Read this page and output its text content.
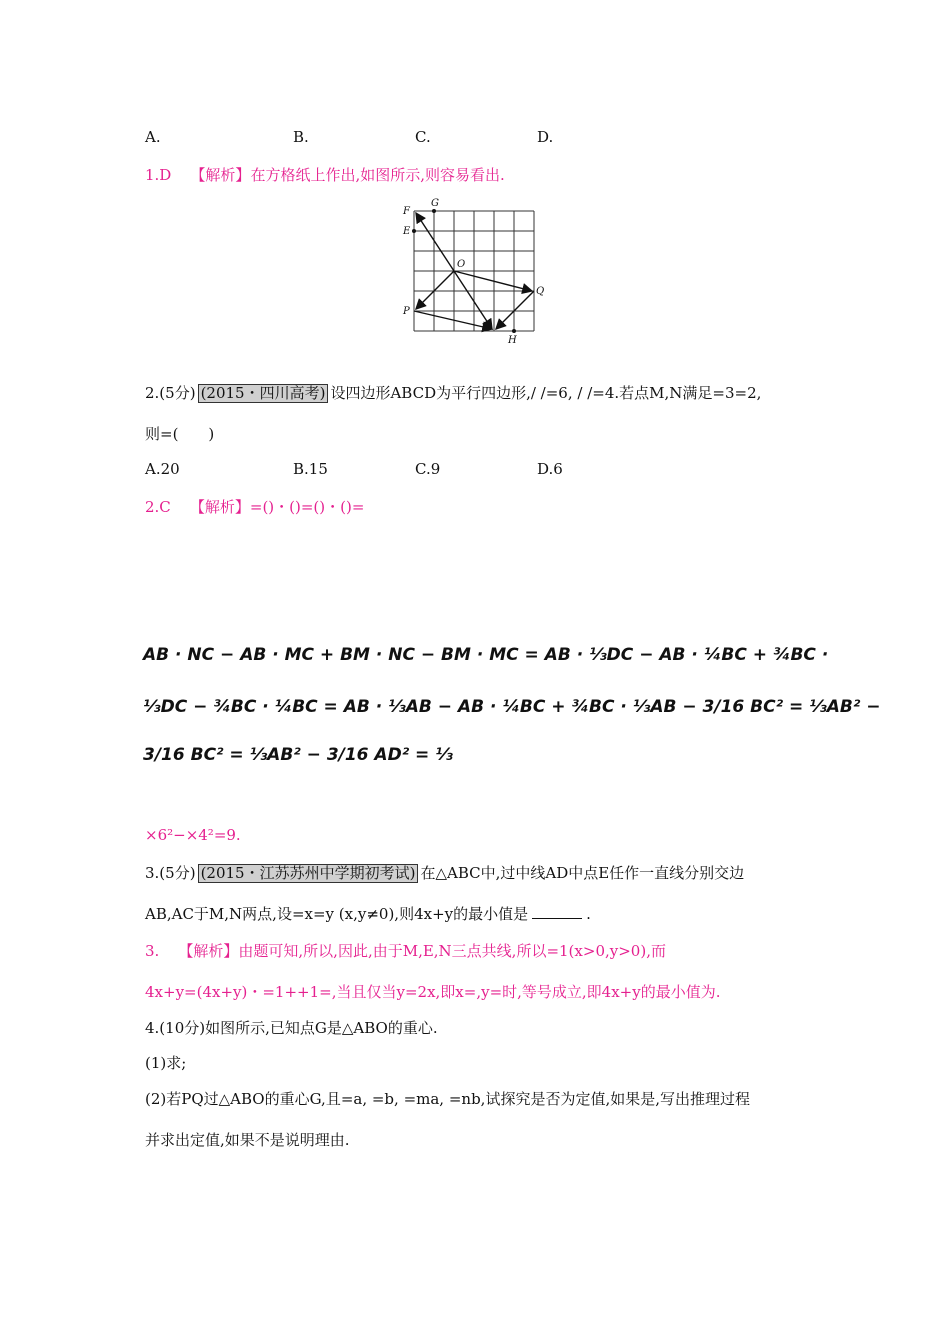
A.	B.	C.	D.
1.D 【解析】在方格纸上作出,如图所示,则容易看出.
F
G
E
O
Q
P
H
2.(5分) (2015・四川高考) 设四边形ABCD为平行四边形,/ /=6, / /=4.若点M,N满足=3=2,
则=(　　)
A.20	B.15	C.9	D.6
2.C 【解析】=()・()=()・()=
AB · NC − AB · MC + BM · NC − BM · MC = AB · ⅓DC − AB · ¼BC + ¾BC ·
⅓DC − ¾BC · ¼BC = AB · ⅓AB − AB · ¼BC + ¾BC · ⅓AB − 3/16 BC² = ⅓AB² −
3/16 BC² = ⅓AB² − 3/16 AD² = ⅓
×6²−×4²=9.
3.(5分) (2015・江苏苏州中学期初考试) 在△ABC中,过中线AD中点E任作一直线分别交边
AB,AC于M,N两点,设=x=y (x,y≠0),则4x+y的最小值是	.
3. 【解析】由题可知,所以,因此,由于M,E,N三点共线,所以=1(x>0,y>0),而
4x+y=(4x+y)・=1++1=,当且仅当y=2x,即x=,y=时,等号成立,即4x+y的最小值为.
4.(10分)如图所示,已知点G是△ABO的重心.
(1)求;
(2)若PQ过△ABO的重心G,且=a, =b, =ma, =nb,试探究是否为定值,如果是,写出推理过程
并求出定值,如果不是说明理由.
